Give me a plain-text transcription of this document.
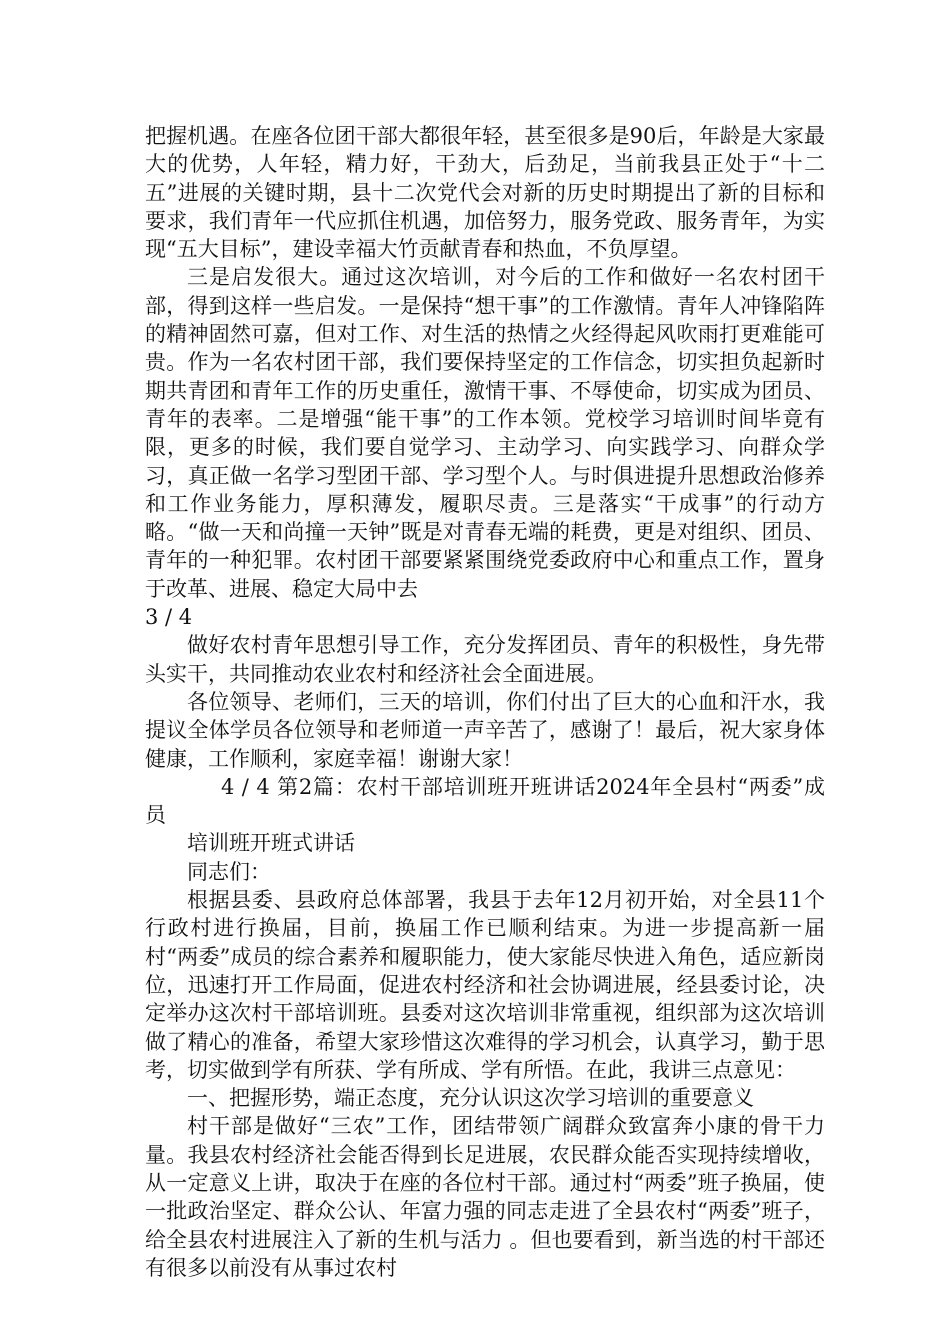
把握机遇。在座各位团干部大都很年轻，甚至很多是90后，年龄是大家最大的优势，人年轻，精力好，干劲大，后劲足，当前我县正处于“十二五”进展的关键时期，县十二次党代会对新的历史时期提出了新的目标和要求，我们青年一代应抓住机遇，加倍努力，服务党政、服务青年，为实现“五大目标”，建设幸福大竹贡献青春和热血，不负厚望。

三是启发很大。通过这次培训，对今后的工作和做好一名农村团干部，得到这样一些启发。一是保持“想干事”的工作激情。青年人冲锋陷阵的精神固然可嘉，但对工作、对生活的热情之火经得起风吹雨打更难能可贵。作为一名农村团干部，我们要保持坚定的工作信念，切实担负起新时期共青团和青年工作的历史重任，激情干事、不辱使命，切实成为团员、青年的表率。二是增强“能干事”的工作本领。党校学习培训时间毕竟有限，更多的时候，我们要自觉学习、主动学习、向实践学习、向群众学习，真正做一名学习型团干部、学习型个人。与时俱进提升思想政治修养和工作业务能力，厚积薄发，履职尽责。三是落实“干成事”的行动方略。“做一天和尚撞一天钟”既是对青春无端的耗费，更是对组织、团员、青年的一种犯罪。农村团干部要紧紧围绕党委政府中心和重点工作，置身于改革、进展、稳定大局中去

3 / 4

做好农村青年思想引导工作，充分发挥团员、青年的积极性，身先带头实干，共同推动农业农村和经济社会全面进展。

各位领导、老师们，三天的培训，你们付出了巨大的心血和汗水，我提议全体学员各位领导和老师道一声辛苦了，感谢了！最后，祝大家身体健康，工作顺利，家庭幸福！谢谢大家！

4 / 4 第2篇：农村干部培训班开班讲话2024年全县村“两委”成员

培训班开班式讲话

同志们：

根据县委、县政府总体部署，我县于去年12月初开始，对全县11个行政村进行换届，目前，换届工作已顺利结束。为进一步提高新一届村“两委”成员的综合素养和履职能力，使大家能尽快进入角色，适应新岗位，迅速打开工作局面，促进农村经济和社会协调进展，经县委讨论，决定举办这次村干部培训班。县委对这次培训非常重视，组织部为这次培训做了精心的准备，希望大家珍惜这次难得的学习机会，认真学习，勤于思考，切实做到学有所获、学有所成、学有所悟。在此，我讲三点意见：

一、把握形势，端正态度，充分认识这次学习培训的重要意义

村干部是做好“三农”工作，团结带领广阔群众致富奔小康的骨干力量。我县农村经济社会能否得到长足进展，农民群众能否实现持续增收，从一定意义上讲，取决于在座的各位村干部。通过村“两委”班子换届，使一批政治坚定、群众公认、年富力强的同志走进了全县农村“两委”班子，给全县农村进展注入了新的生机与活力 。但也要看到，新当选的村干部还有很多以前没有从事过农村
